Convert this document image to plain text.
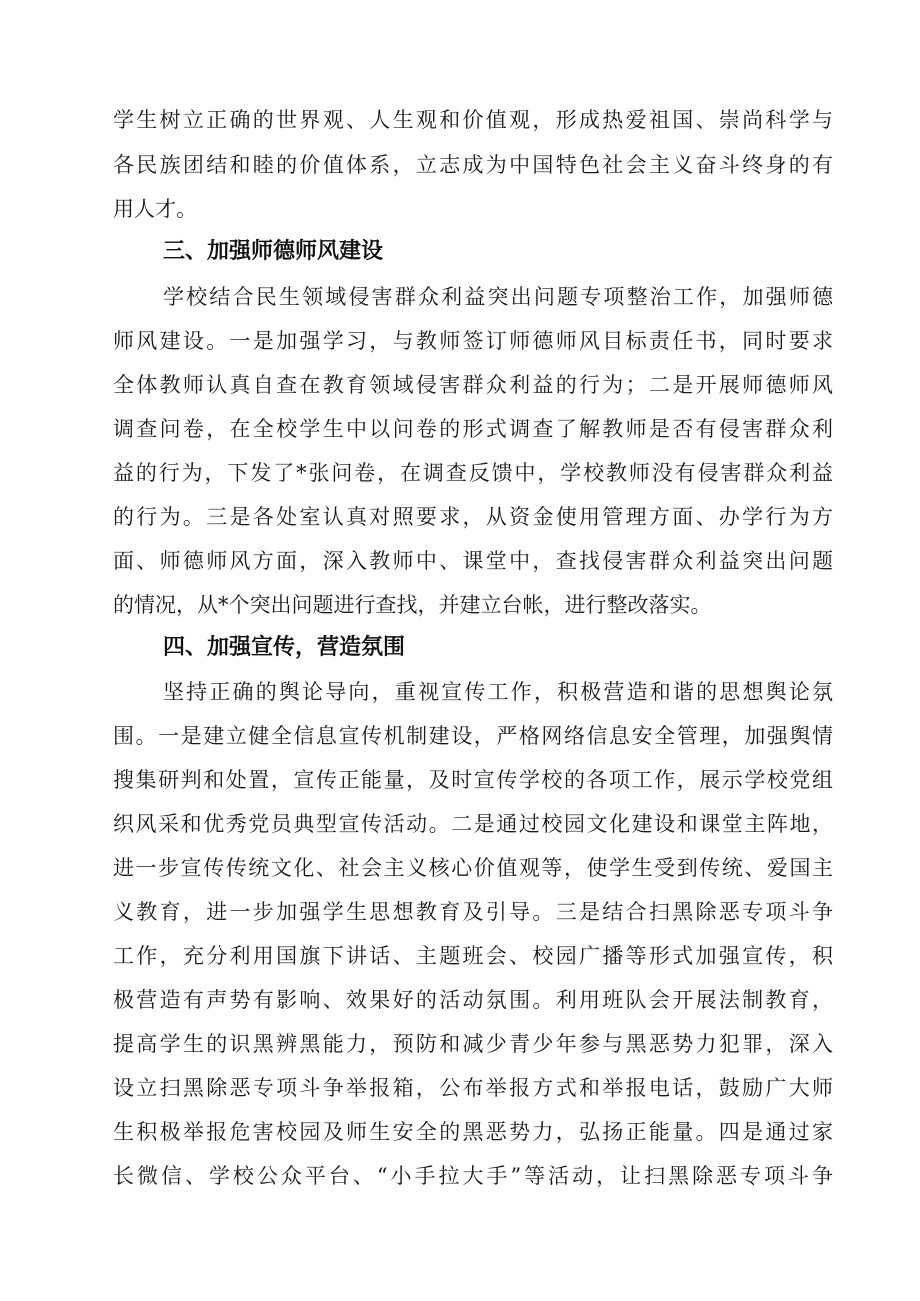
学生树立正确的世界观、人生观和价值观，形成热爱祖国、崇尚科学与
各民族团结和睦的价值体系，立志成为中国特色社会主义奋斗终身的有
用人才。
三、加强师德师风建设
学校结合民生领域侵害群众利益突出问题专项整治工作，加强师德
师风建设。一是加强学习，与教师签订师德师风目标责任书，同时要求
全体教师认真自查在教育领域侵害群众利益的行为；二是开展师德师风
调查问卷，在全校学生中以问卷的形式调查了解教师是否有侵害群众利
益的行为，下发了*张问卷，在调查反馈中，学校教师没有侵害群众利益
的行为。三是各处室认真对照要求，从资金使用管理方面、办学行为方
面、师德师风方面，深入教师中、课堂中，查找侵害群众利益突出问题
的情况，从*个突出问题进行查找，并建立台帐，进行整改落实。
四、加强宣传，营造氛围
坚持正确的舆论导向，重视宣传工作，积极营造和谐的思想舆论氛
围。一是建立健全信息宣传机制建设，严格网络信息安全管理，加强舆情
搜集研判和处置，宣传正能量，及时宣传学校的各项工作，展示学校党组
织风采和优秀党员典型宣传活动。二是通过校园文化建设和课堂主阵地，
进一步宣传传统文化、社会主义核心价值观等，使学生受到传统、爱国主
义教育，进一步加强学生思想教育及引导。三是结合扫黑除恶专项斗争
工作，充分利用国旗下讲话、主题班会、校园广播等形式加强宣传，积
极营造有声势有影响、效果好的活动氛围。利用班队会开展法制教育，
提高学生的识黑辨黑能力，预防和减少青少年参与黑恶势力犯罪，深入
设立扫黑除恶专项斗争举报箱，公布举报方式和举报电话，鼓励广大师
生积极举报危害校园及师生安全的黑恶势力，弘扬正能量。四是通过家
长微信、学校公众平台、“小手拉大手”等活动，让扫黑除恶专项斗争
